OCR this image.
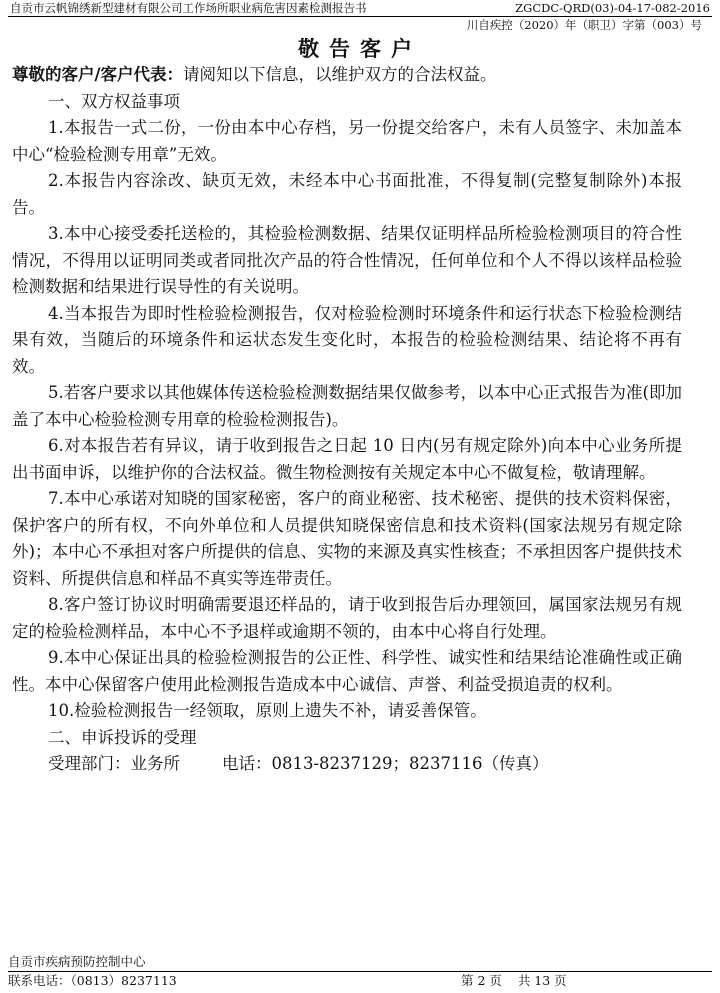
自贡市云帆锦绣新型建材有限公司工作场所职业病危害因素检测报告书	ZGCDC-QRD(03)-04-17-082-2016
川自疾控（2020）年（职卫）字第（003）号
敬告客户
尊敬的客户/客户代表：请阅知以下信息，以维护双方的合法权益。
一、双方权益事项

1.本报告一式二份，一份由本中心存档，另一份提交给客户，未有人员签字、未加盖本中心“检验检测专用章”无效。

2.本报告内容涂改、缺页无效，未经本中心书面批准，不得复制(完整复制除外)本报告。

3.本中心接受委托送检的，其检验检测数据、结果仅证明样品所检验检测项目的符合性情况，不得用以证明同类或者同批次产品的符合性情况，任何单位和个人不得以该样品检验检测数据和结果进行误导性的有关说明。

4.当本报告为即时性检验检测报告，仅对检验检测时环境条件和运行状态下检验检测结果有效，当随后的环境条件和运状态发生变化时，本报告的检验检测结果、结论将不再有效。

5.若客户要求以其他媒体传送检验检测数据结果仅做参考，以本中心正式报告为准(即加盖了本中心检验检测专用章的检验检测报告)。

6.对本报告若有异议，请于收到报告之日起 10 日内(另有规定除外)向本中心业务所提出书面申诉，以维护你的合法权益。微生物检测按有关规定本中心不做复检，敬请理解。

7.本中心承诺对知晓的国家秘密，客户的商业秘密、技术秘密、提供的技术资料保密，保护客户的所有权，不向外单位和人员提供知晓保密信息和技术资料(国家法规另有规定除外)；本中心不承担对客户所提供的信息、实物的来源及真实性核查；不承担因客户提供技术资料、所提供信息和样品不真实等连带责任。

8.客户签订协议时明确需要退还样品的，请于收到报告后办理领回，属国家法规另有规定的检验检测样品，本中心不予退样或逾期不领的，由本中心将自行处理。

9.本中心保证出具的检验检测报告的公正性、科学性、诚实性和结果结论准确性或正确性。本中心保留客户使用此检测报告造成本中心诚信、声誉、利益受损追责的权利。

10.检验检测报告一经领取，原则上遗失不补，请妥善保管。

二、申诉投诉的受理
受理部门：业务所	电话：0813-8237129；8237116（传真）
自贡市疾病预防控制中心
联系电话：（0813）8237113	第 2 页 共 13 页
